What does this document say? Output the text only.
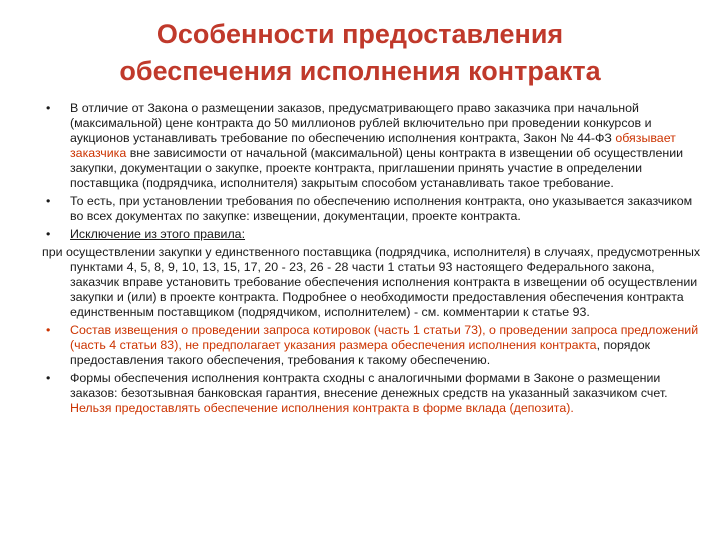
Особенности предоставления
обеспечения исполнения контракта

• В отличие от Закона о размещении заказов, предусматривающего право заказчика при начальной (максимальной) цене контракта до 50 миллионов рублей включительно при проведении конкурсов и аукционов устанавливать требование по обеспечению исполнения контракта, Закон № 44-ФЗ обязывает заказчика вне зависимости от начальной (максимальной) цены контракта в извещении об осуществлении закупки, документации о закупке, проекте контракта, приглашении принять участие в определении поставщика (подрядчика, исполнителя) закрытым способом устанавливать такое требование.

• То есть, при установлении требования по обеспечению исполнения контракта, оно указывается заказчиком во всех документах по закупке: извещении, документации, проекте контракта.

• Исключение из этого правила:

при осуществлении закупки у единственного поставщика (подрядчика, исполнителя) в случаях, предусмотренных пунктами 4, 5, 8, 9, 10, 13, 15, 17, 20 - 23, 26 - 28 части 1 статьи 93 настоящего Федерального закона, заказчик вправе установить требование обеспечения исполнения контракта в извещении об осуществлении закупки и (или) в проекте контракта. Подробнее о необходимости предоставления обеспечения контракта единственным поставщиком (подрядчиком, исполнителем) - см. комментарии к статье 93.

• Состав извещения о проведении запроса котировок (часть 1 статьи 73), о проведении запроса предложений (часть 4 статьи 83), не предполагает указания размера обеспечения исполнения контракта, порядок предоставления такого обеспечения, требования к такому обеспечению.

• Формы обеспечения исполнения контракта сходны с аналогичными формами в Законе о размещении заказов: безотзывная банковская гарантия, внесение денежных средств на указанный заказчиком счет. Нельзя предоставлять обеспечение исполнения контракта в форме вклада (депозита).
